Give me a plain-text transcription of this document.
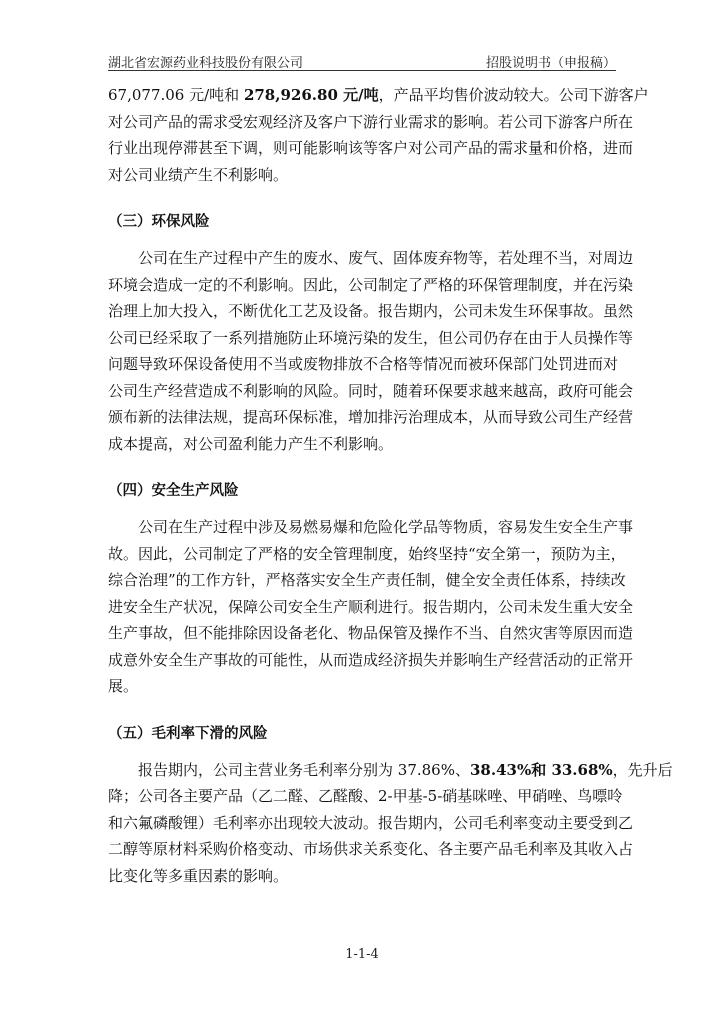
湖北省宏源药业科技股份有限公司	招股说明书（申报稿）

67,077.06 元/吨和 278,926.80 元/吨，产品平均售价波动较大。公司下游客户
对公司产品的需求受宏观经济及客户下游行业需求的影响。若公司下游客户所在
行业出现停滞甚至下调，则可能影响该等客户对公司产品的需求量和价格，进而
对公司业绩产生不利影响。

（三）环保风险

公司在生产过程中产生的废水、废气、固体废弃物等，若处理不当，对周边
环境会造成一定的不利影响。因此，公司制定了严格的环保管理制度，并在污染
治理上加大投入，不断优化工艺及设备。报告期内，公司未发生环保事故。虽然
公司已经采取了一系列措施防止环境污染的发生，但公司仍存在由于人员操作等
问题导致环保设备使用不当或废物排放不合格等情况而被环保部门处罚进而对
公司生产经营造成不利影响的风险。同时，随着环保要求越来越高，政府可能会
颁布新的法律法规，提高环保标准，增加排污治理成本，从而导致公司生产经营
成本提高，对公司盈利能力产生不利影响。

（四）安全生产风险

公司在生产过程中涉及易燃易爆和危险化学品等物质，容易发生安全生产事
故。因此，公司制定了严格的安全管理制度，始终坚持“安全第一，预防为主，
综合治理”的工作方针，严格落实安全生产责任制，健全安全责任体系，持续改
进安全生产状况，保障公司安全生产顺利进行。报告期内，公司未发生重大安全
生产事故，但不能排除因设备老化、物品保管及操作不当、自然灾害等原因而造
成意外安全生产事故的可能性，从而造成经济损失并影响生产经营活动的正常开
展。

（五）毛利率下滑的风险

报告期内，公司主营业务毛利率分别为 37.86%、38.43%和 33.68%，先升后
降；公司各主要产品（乙二醛、乙醛酸、2-甲基-5-硝基咪唑、甲硝唑、鸟嘌呤
和六氟磷酸锂）毛利率亦出现较大波动。报告期内，公司毛利率变动主要受到乙
二醇等原材料采购价格变动、市场供求关系变化、各主要产品毛利率及其收入占
比变化等多重因素的影响。

1-1-4
